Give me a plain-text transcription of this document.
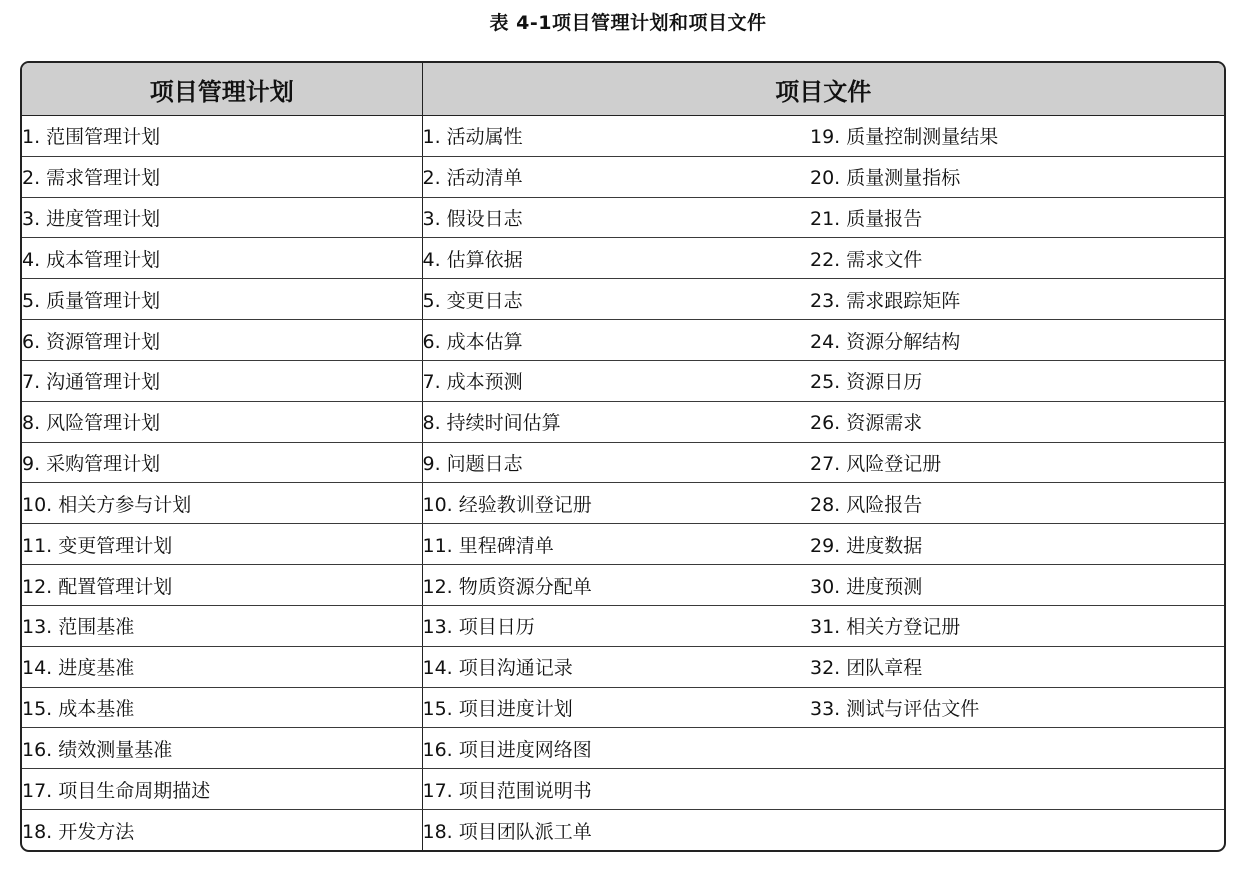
表 4-1项目管理计划和项目文件
项目管理计划	项目文件	
1. 范围管理计划	1. 活动属性	19. 质量控制测量结果
2. 需求管理计划	2. 活动清单	20. 质量测量指标
3. 进度管理计划	3. 假设日志	21. 质量报告
4. 成本管理计划	4. 估算依据	22. 需求文件
5. 质量管理计划	5. 变更日志	23. 需求跟踪矩阵
6. 资源管理计划	6. 成本估算	24. 资源分解结构
7. 沟通管理计划	7. 成本预测	25. 资源日历
8. 风险管理计划	8. 持续时间估算	26. 资源需求
9. 采购管理计划	9. 问题日志	27. 风险登记册
10. 相关方参与计划	10. 经验教训登记册	28. 风险报告
11. 变更管理计划	11. 里程碑清单	29. 进度数据
12. 配置管理计划	12. 物质资源分配单	30. 进度预测
13. 范围基准	13. 项目日历	31. 相关方登记册
14. 进度基准	14. 项目沟通记录	32. 团队章程
15. 成本基准	15. 项目进度计划	33. 测试与评估文件
16. 绩效测量基准	16. 项目进度网络图	
17. 项目生命周期描述	17. 项目范围说明书	
18. 开发方法	18. 项目团队派工单	
